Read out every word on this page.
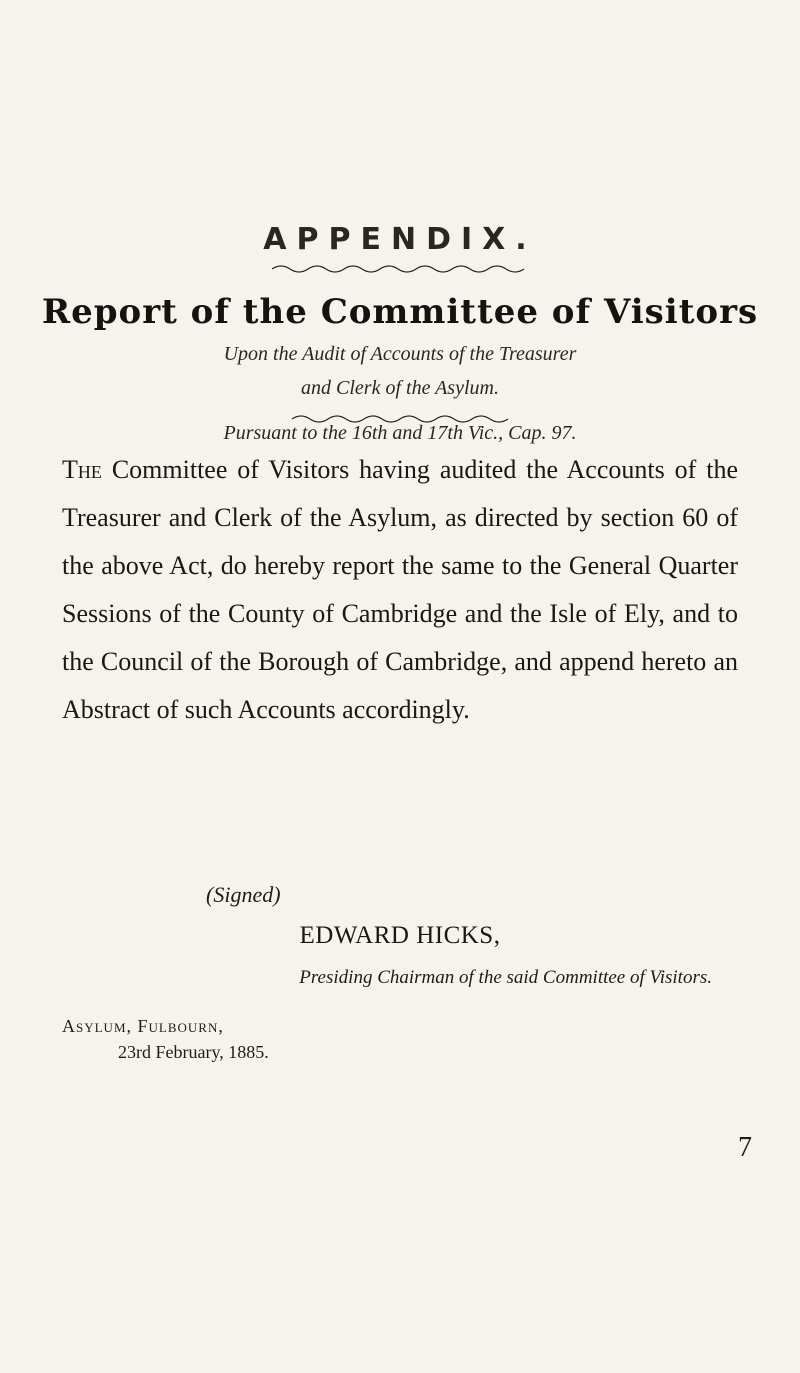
APPENDIX.
Report of the Committee of Visitors
Upon the Audit of Accounts of the Treasurer
and Clerk of the Asylum.
Pursuant to the 16th and 17th Vic., Cap. 97.
The Committee of Visitors having audited the Accounts of the Treasurer and Clerk of the Asylum, as directed by section 60 of the above Act, do hereby report the same to the General Quarter Sessions of the County of Cambridge and the Isle of Ely, and to the Council of the Borough of Cambridge, and append hereto an Abstract of such Accounts accordingly.
(Signed)
EDWARD HICKS,
Presiding Chairman of the said Committee of Visitors.
Asylum, Fulbourn,
23rd February, 1885.
7
